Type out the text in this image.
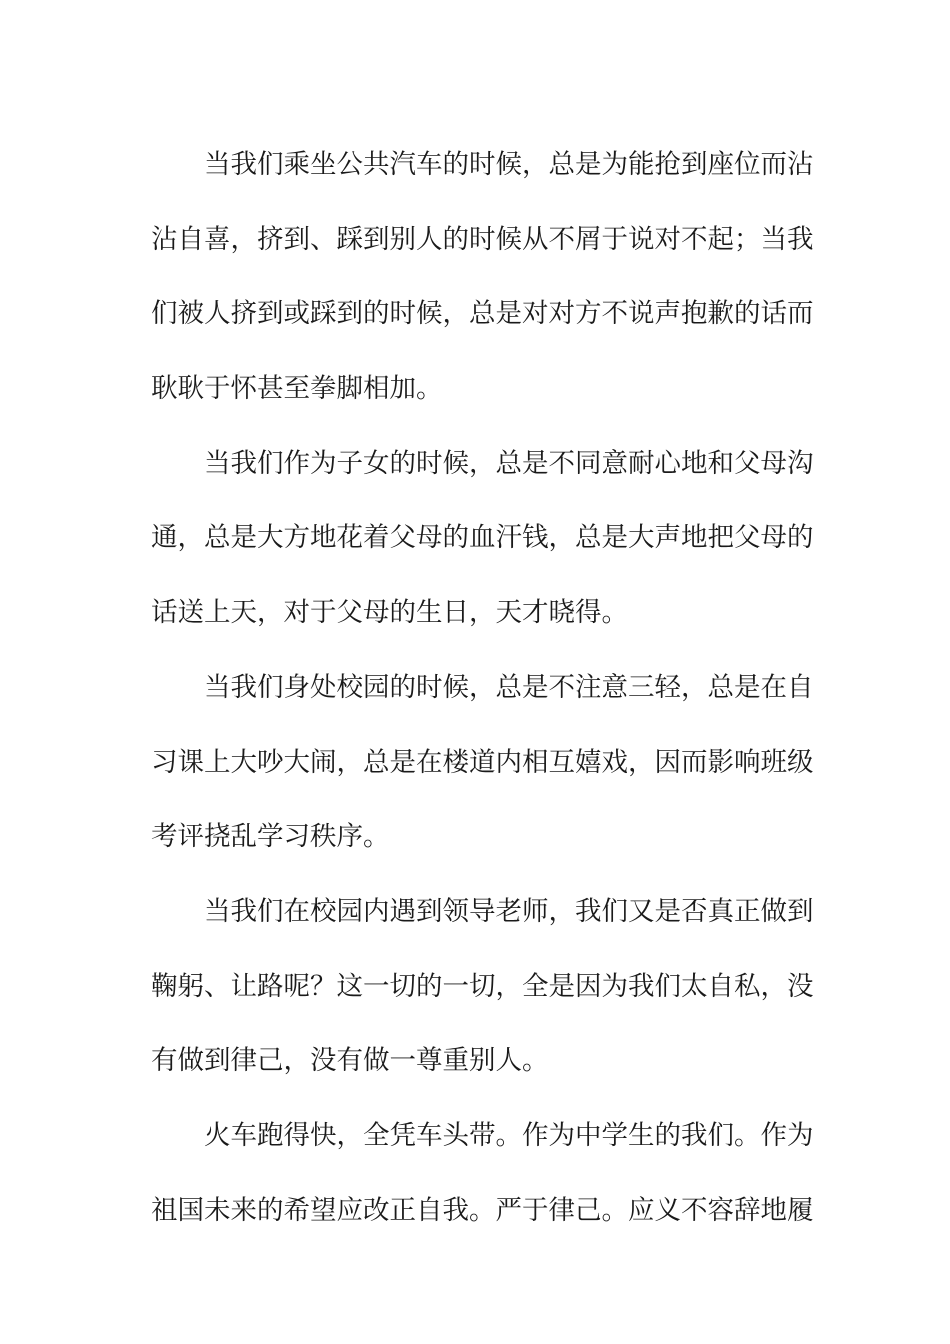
当我们乘坐公共汽车的时候，总是为能抢到座位而沾
沾自喜，挤到、踩到别人的时候从不屑于说对不起；当我
们被人挤到或踩到的时候，总是对对方不说声抱歉的话而
耿耿于怀甚至拳脚相加。
当我们作为子女的时候，总是不同意耐心地和父母沟
通，总是大方地花着父母的血汗钱，总是大声地把父母的
话送上天，对于父母的生日，天才晓得。
当我们身处校园的时候，总是不注意三轻，总是在自
习课上大吵大闹，总是在楼道内相互嬉戏，因而影响班级
考评挠乱学习秩序。
当我们在校园内遇到领导老师，我们又是否真正做到
鞠躬、让路呢？这一切的一切，全是因为我们太自私，没
有做到律己，没有做一尊重别人。
火车跑得快，全凭车头带。作为中学生的我们。作为
祖国未来的希望应改正自我。严于律己。应义不容辞地履
